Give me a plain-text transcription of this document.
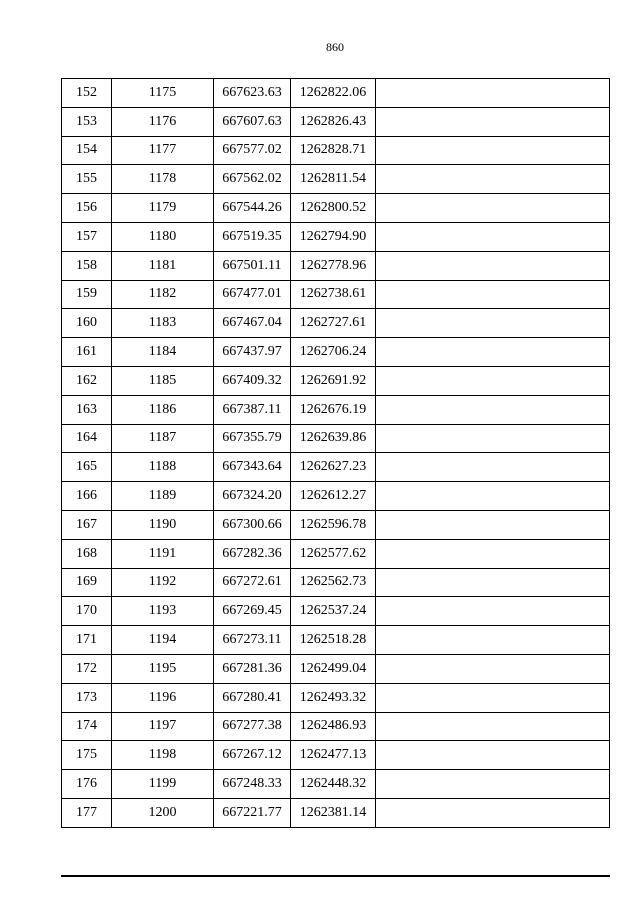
860
152	1175	667623.63	1262822.06	
153	1176	667607.63	1262826.43	
154	1177	667577.02	1262828.71	
155	1178	667562.02	1262811.54	
156	1179	667544.26	1262800.52	
157	1180	667519.35	1262794.90	
158	1181	667501.11	1262778.96	
159	1182	667477.01	1262738.61	
160	1183	667467.04	1262727.61	
161	1184	667437.97	1262706.24	
162	1185	667409.32	1262691.92	
163	1186	667387.11	1262676.19	
164	1187	667355.79	1262639.86	
165	1188	667343.64	1262627.23	
166	1189	667324.20	1262612.27	
167	1190	667300.66	1262596.78	
168	1191	667282.36	1262577.62	
169	1192	667272.61	1262562.73	
170	1193	667269.45	1262537.24	
171	1194	667273.11	1262518.28	
172	1195	667281.36	1262499.04	
173	1196	667280.41	1262493.32	
174	1197	667277.38	1262486.93	
175	1198	667267.12	1262477.13	
176	1199	667248.33	1262448.32	
177	1200	667221.77	1262381.14	
